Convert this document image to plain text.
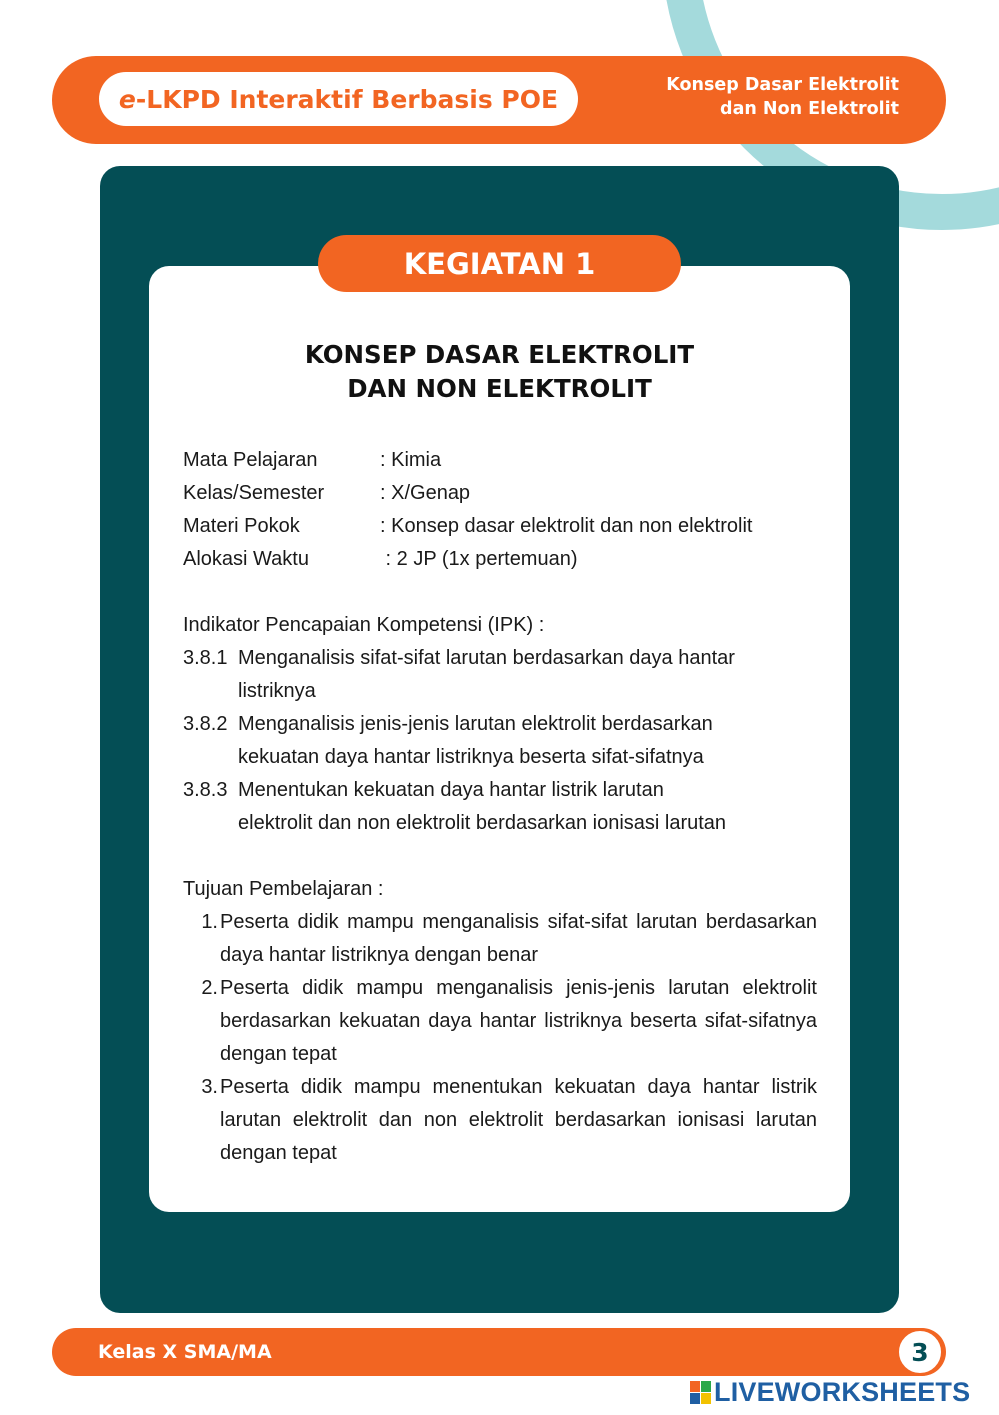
e -LKPD Interaktif Berbasis POE	Konsep Dasar Elektrolit
dan Non Elektrolit
KEGIATAN 1
KONSEP DASAR ELEKTROLIT
DAN NON ELEKTROLIT
Mata Pelajaran	: Kimia
Kelas/Semester	: X/Genap
Materi Pokok	: Konsep dasar elektrolit dan non elektrolit
Alokasi Waktu	: 2 JP (1x pertemuan)
Indikator Pencapaian Kompetensi (IPK) :
3.8.1 Menganalisis sifat-sifat larutan berdasarkan daya hantar
listriknya
3.8.2 Menganalisis jenis-jenis larutan elektrolit berdasarkan
kekuatan daya hantar listriknya beserta sifat-sifatnya
3.8.3 Menentukan kekuatan daya hantar listrik larutan
elektrolit dan non elektrolit berdasarkan ionisasi larutan
Tujuan Pembelajaran :
1. Peserta didik mampu menganalisis sifat-sifat larutan berdasarkan daya hantar listriknya dengan benar
2. Peserta didik mampu menganalisis jenis-jenis larutan elektrolit berdasarkan kekuatan daya hantar listriknya beserta sifat-sifatnya dengan tepat
3. Peserta didik mampu menentukan kekuatan daya hantar listrik larutan elektrolit dan non elektrolit berdasarkan ionisasi larutan dengan tepat
Kelas X SMA/MA	3
LIVEWORKSHEETS
